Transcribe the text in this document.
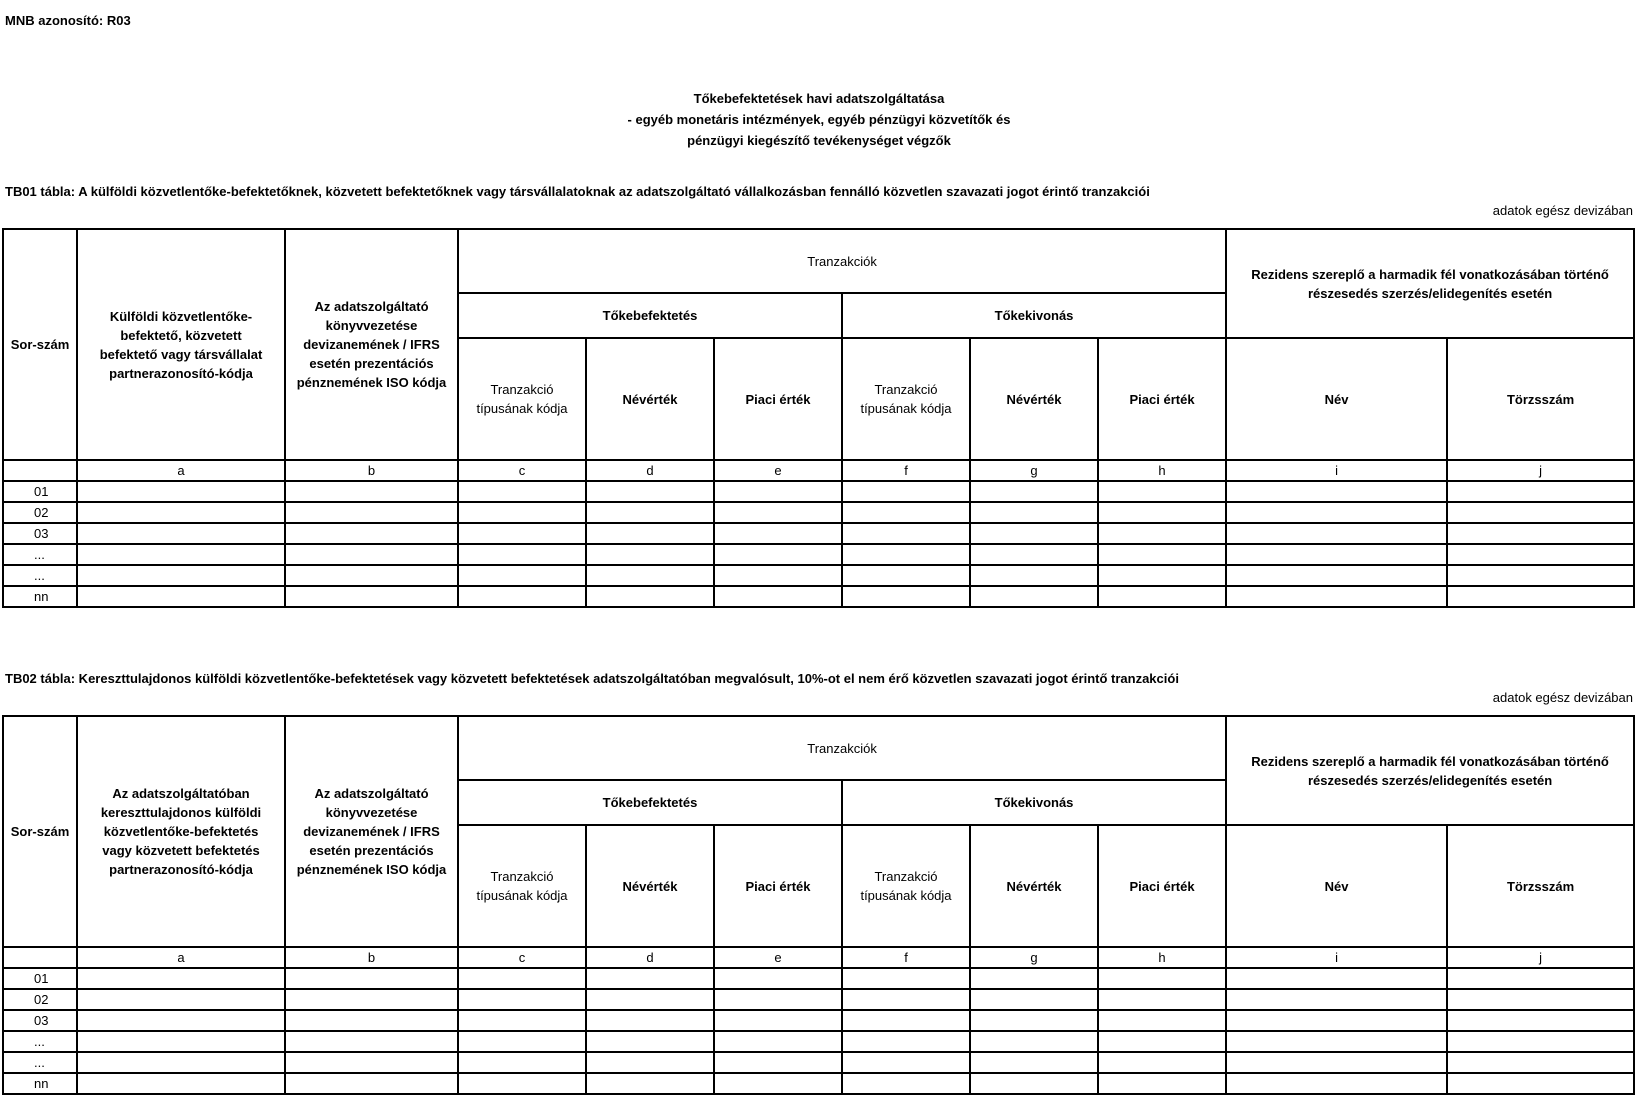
MNB azonosító: R03
Tőkebefektetések havi adatszolgáltatása
- egyéb monetáris intézmények, egyéb pénzügyi közvetítők és
pénzügyi kiegészítő tevékenységet végzők
TB01 tábla: A külföldi közvetlentőke-befektetőknek, közvetett befektetőknek vagy társvállalatoknak az adatszolgáltató vállalkozásban fennálló közvetlen szavazati jogot érintő tranzakciói
adatok egész devizában
Sor-szám	Külföldi közvetlentőke-befektető, közvetett befektető vagy társvállalat partnerazonosító-kódja	Az adatszolgáltató könyvvezetése devizanemének / IFRS esetén prezentációs pénznemének ISO kódja	Tranzakciók						Rezidens szereplő a harmadik fél vonatkozásában történő részesedés szerzés/elidegenítés esetén	
			Tőkebefektetés			Tőkekivonás				
			Tranzakció típusának kódja	Névérték	Piaci érték	Tranzakció típusának kódja	Névérték	Piaci érték	Név	Törzsszám
	a	b	c	d	e	f	g	h	i	j
01										
02										
03										
...										
...										
nn										
TB02 tábla: Kereszttulajdonos külföldi közvetlentőke-befektetések vagy közvetett befektetések adatszolgáltatóban megvalósult, 10%-ot el nem érő közvetlen szavazati jogot érintő tranzakciói
adatok egész devizában
Sor-szám	Az adatszolgáltatóban kereszttulajdonos külföldi közvetlentőke-befektetés vagy közvetett befektetés partnerazonosító-kódja	Az adatszolgáltató könyvvezetése devizanemének / IFRS esetén prezentációs pénznemének ISO kódja	Tranzakciók						Rezidens szereplő a harmadik fél vonatkozásában történő részesedés szerzés/elidegenítés esetén	
			Tőkebefektetés			Tőkekivonás				
			Tranzakció típusának kódja	Névérték	Piaci érték	Tranzakció típusának kódja	Névérték	Piaci érték	Név	Törzsszám
	a	b	c	d	e	f	g	h	i	j
01										
02										
03										
...										
...										
nn										
